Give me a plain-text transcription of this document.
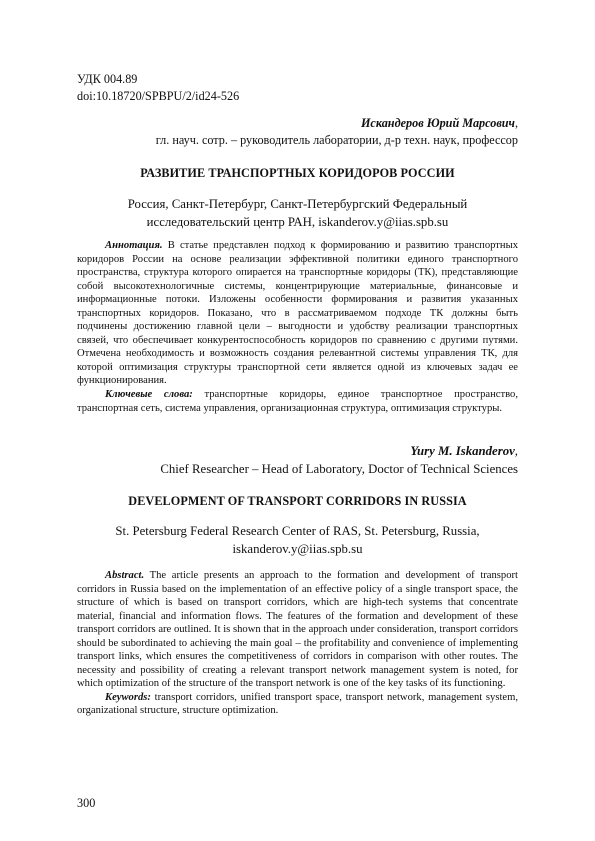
УДК 004.89
doi:10.18720/SPBPU/2/id24-526
Искандеров Юрий Марсович,
гл. науч. сотр. – руководитель лаборатории, д-р техн. наук, профессор
РАЗВИТИЕ ТРАНСПОРТНЫХ КОРИДОРОВ РОССИИ
Россия, Санкт-Петербург, Санкт-Петербургский Федеральный
исследовательский центр РАН, iskanderov.y@iias.spb.su

Аннотация. В статье представлен подход к формированию и развитию транспортных коридоров России на основе реализации эффективной политики единого транспортного пространства, структура которого опирается на транспортные коридоры (ТК), представляющие собой высокотехнологичные системы, концентрирующие материальные, финансовые и информационные потоки. Изложены особенности формирования и развития указанных транспортных коридоров. Показано, что в рассматриваемом подходе ТК должны быть подчинены достижению главной цели – выгодности и удобству реализации транспортных связей, что обеспечивает конкурентоспособность коридоров по сравнению с другими путями. Отмечена необходимость и возможность создания релевантной системы управления ТК, для которой оптимизация структуры транспортной сети является одной из ключевых задач ее функционирования.

Ключевые слова: транспортные коридоры, единое транспортное пространство, транспортная сеть, система управления, организационная структура, оптимизация структуры.

Yury M. Iskanderov,
Chief Researcher – Head of Laboratory, Doctor of Technical Sciences
DEVELOPMENT OF TRANSPORT CORRIDORS IN RUSSIA
St. Petersburg Federal Research Center of RAS, St. Petersburg, Russia,
iskanderov.y@iias.spb.su

Abstract. The article presents an approach to the formation and development of transport corridors in Russia based on the implementation of an effective policy of a single transport space, the structure of which is based on transport corridors, which are high-tech systems that concentrate material, financial and information flows. The features of the formation and development of these transport corridors are outlined. It is shown that in the approach under consideration, transport corridors should be subordinated to achieving the main goal – the profitability and convenience of implementing transport links, which ensures the competitiveness of corridors in comparison with other routes. The necessity and possibility of creating a relevant transport network management system is noted, for which optimization of the structure of the transport network is one of the key tasks of its functioning.

Keywords: transport corridors, unified transport space, transport network, management system, organizational structure, structure optimization.

300
